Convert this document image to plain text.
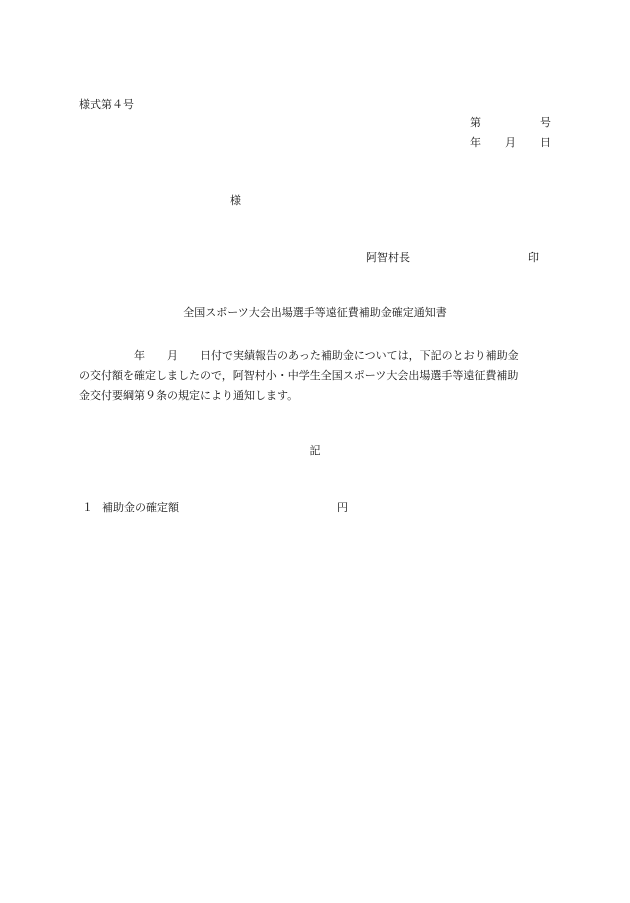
様式第４号
第	号
年 月 日
様
阿智村長	印
全国スポーツ大会出場選手等遠征費補助金確定通知書
　　　　　年　　月　　日付で実績報告のあった補助金については，下記のとおり補助金
の交付額を確定しましたので，阿智村小・中学生全国スポーツ大会出場選手等遠征費補助
金交付要綱第９条の規定により通知します。
記
１ 補助金の確定額	円
